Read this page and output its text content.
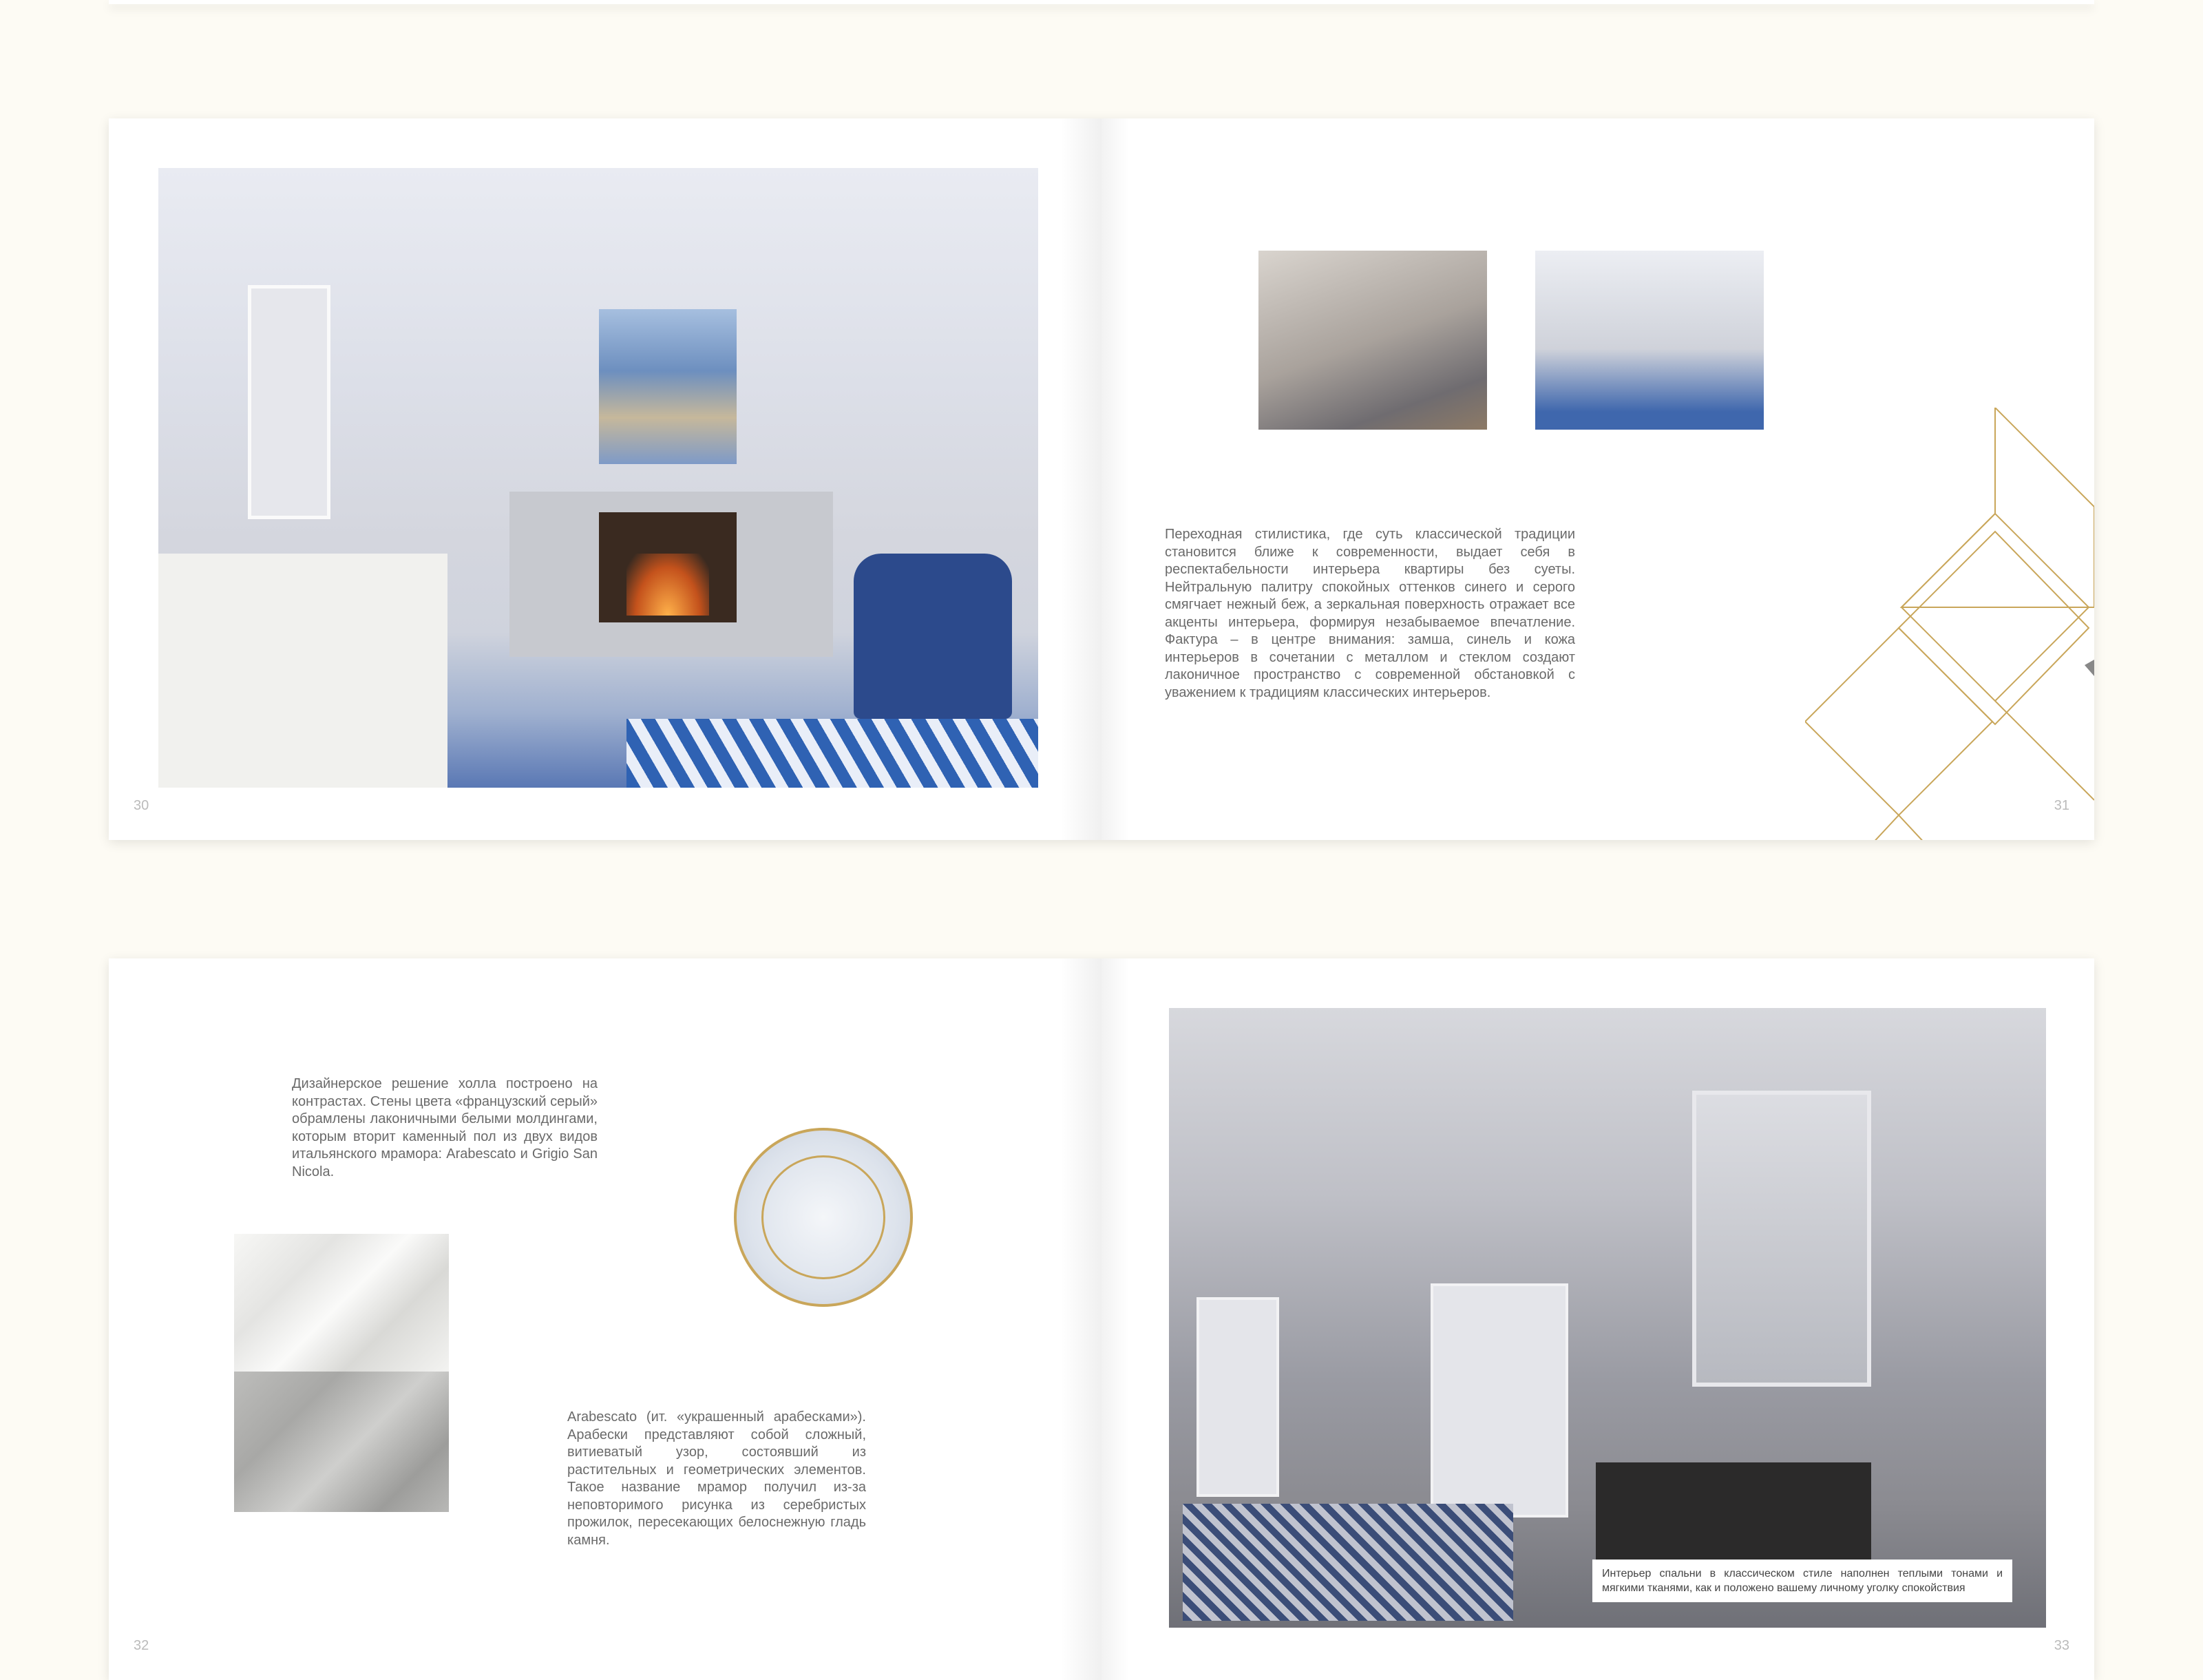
30

Переходная стилистика, где суть классической традиции становится ближе к современности, выдает себя в респектабельности интерьера квартиры без суеты. Нейтральную палитру спокойных оттенков синего и серого смягчает нежный беж, а зеркальная поверхность отражает все акценты интерьера, формируя незабываемое впечатление. Фактура – в центре внимания: замша, синель и кожа интерьеров в сочетании с металлом и стеклом создают лаконичное пространство с современной обстановкой с уважением к традициям классических интерьеров.

31

Дизайнерское решение холла построено на контрастах. Стены цвета «французский серый» обрамлены лаконичными белыми молдингами, которым вторит каменный пол из двух видов итальянского мрамора: Arabescato и Grigio San Nicola.

Arabescato (ит. «украшенный арабесками»). Арабески представляют собой сложный, витиеватый узор, состоявший из растительных и геометрических элементов. Такое название мрамор получил из-за неповторимого рисунка из серебристых прожилок, пересекающих белоснежную гладь камня.

32
Интерьер спальни в классическом стиле наполнен теплыми тонами и мягкими тканями, как и положено вашему личному уголку спокойствия
33
